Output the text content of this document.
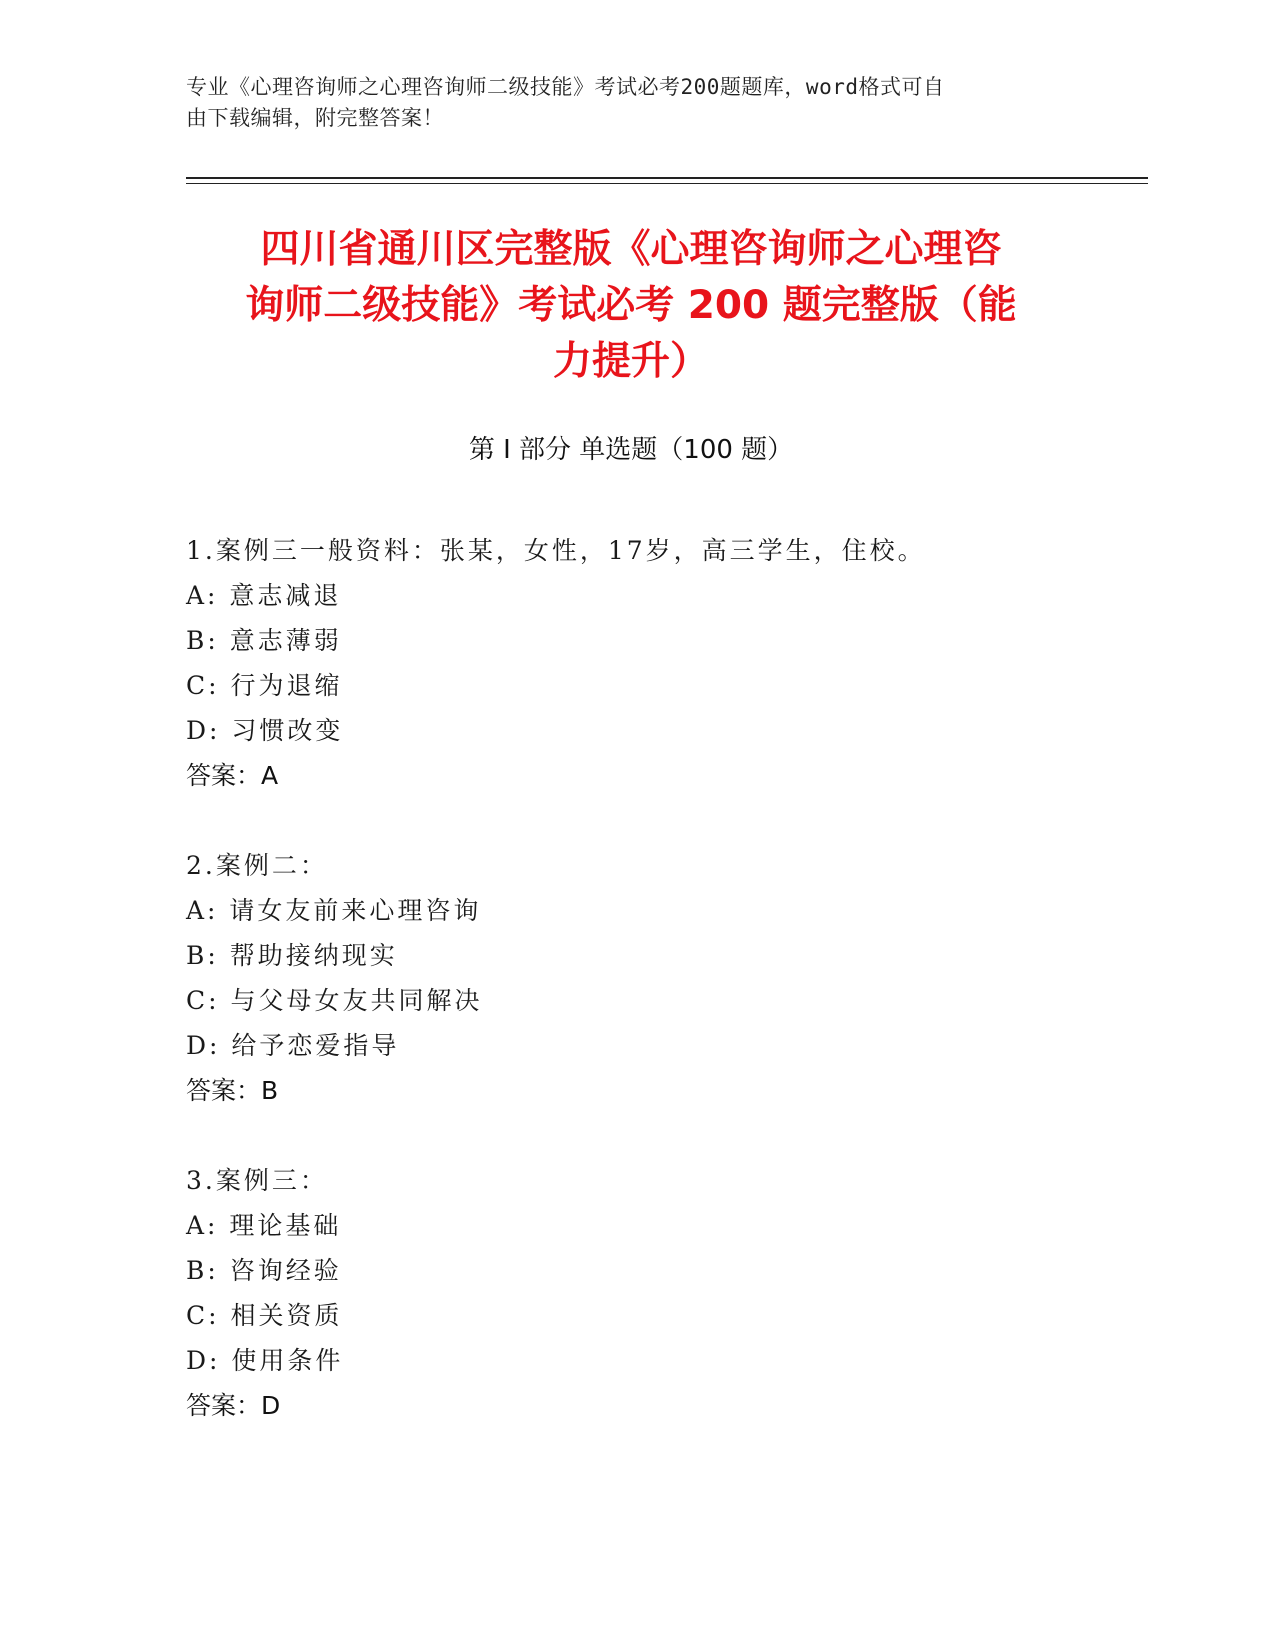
专业《心理咨询师之心理咨询师二级技能》考试必考200题题库，word格式可自
由下载编辑，附完整答案！
四川省通川区完整版《心理咨询师之心理咨
询师二级技能》考试必考 200 题完整版（能
力提升）
第 I 部分 单选题（100 题）
1.案例三一般资料：张某，女性，17岁，高三学生，住校。
A: 意志减退
B: 意志薄弱
C: 行为退缩
D: 习惯改变
答案：A
2.案例二：
A: 请女友前来心理咨询
B: 帮助接纳现实
C: 与父母女友共同解决
D: 给予恋爱指导
答案：B
3.案例三：
A: 理论基础
B: 咨询经验
C: 相关资质
D: 使用条件
答案：D
